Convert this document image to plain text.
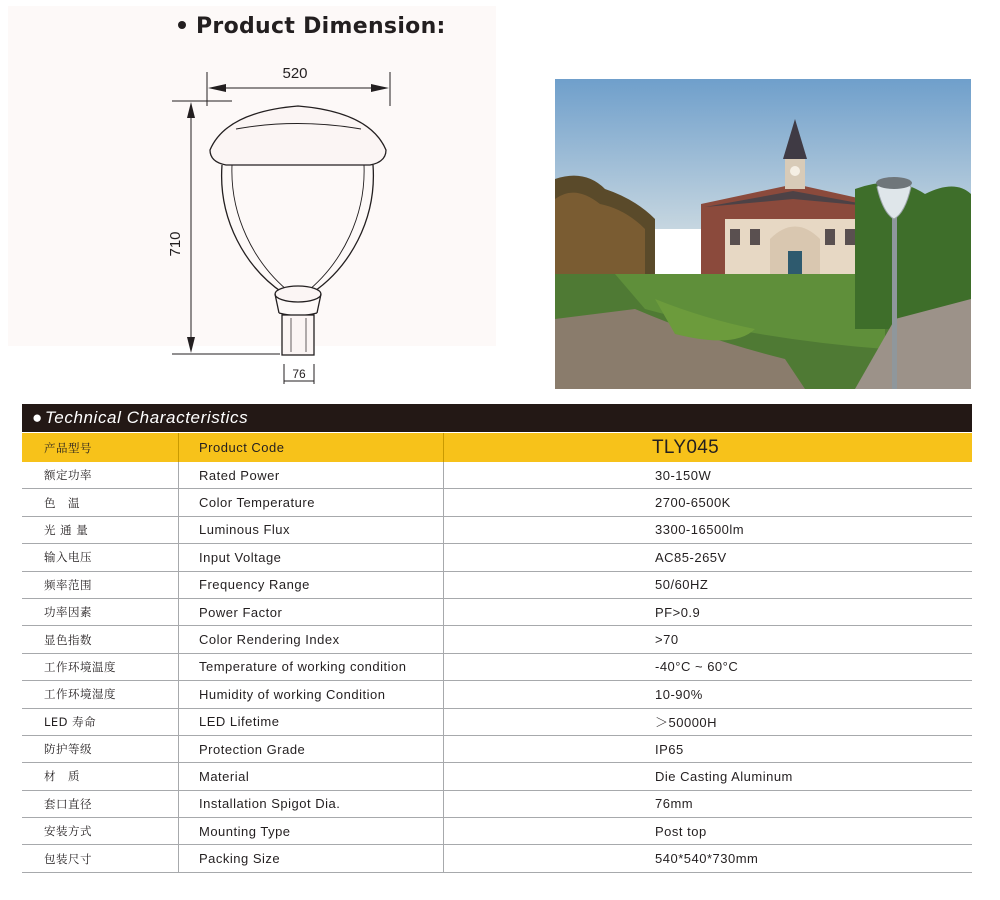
Product Dimension:
520
710
76
● Technical Characteristics
产品型号	Product Code	TLY045
额定功率	Rated Power	30-150W
色　温	Color Temperature	2700-6500K
光 通 量	Luminous Flux	3300-16500lm
输入电压	Input Voltage	AC85-265V
频率范围	Frequency Range	50/60HZ
功率因素	Power Factor	PF>0.9
显色指数	Color Rendering Index	>70
工作环境温度	Temperature of working condition	-40°C ~ 60°C
工作环境湿度	Humidity of working Condition	10-90%
LED 寿命	LED Lifetime	＞50000H
防护等级	Protection Grade	IP65
材　质	Material	Die Casting Aluminum
套口直径	Installation Spigot Dia.	76mm
安装方式	Mounting Type	Post top
包装尺寸	Packing Size	540*540*730mm
